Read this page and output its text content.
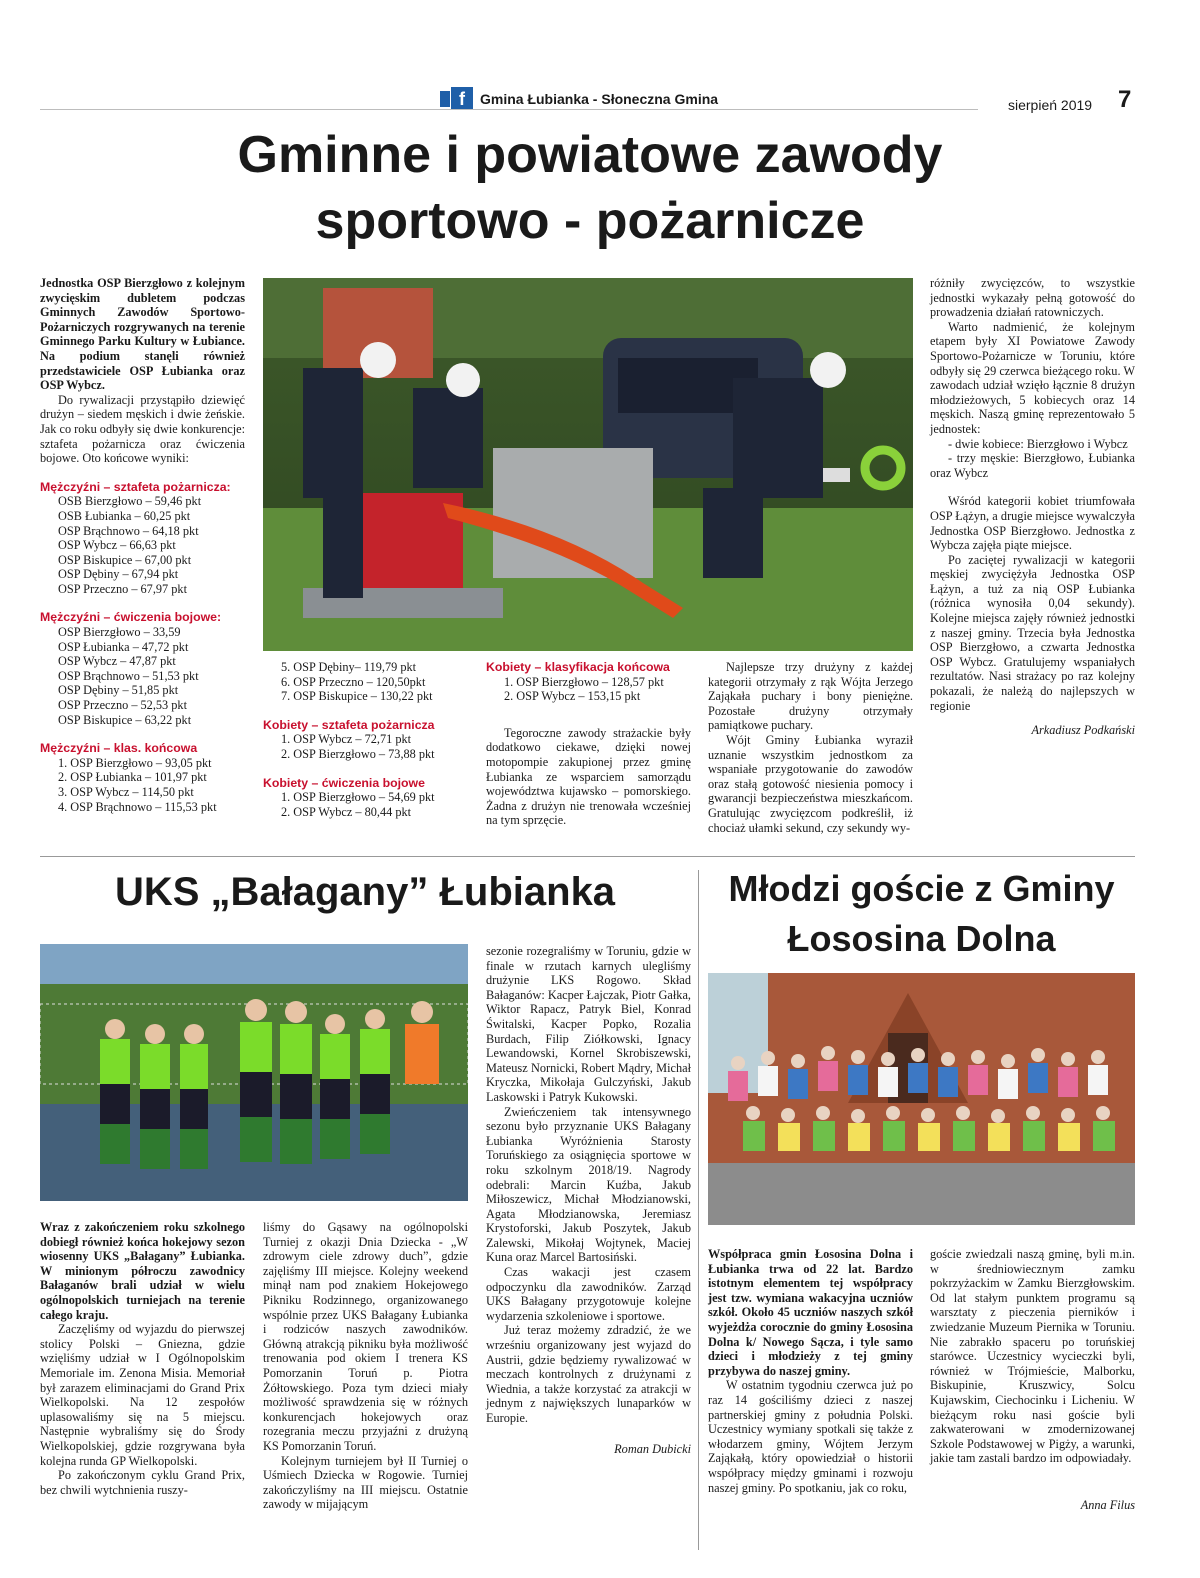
f Gmina Łubianka - Słoneczna Gmina	sierpień 2019 7
Gminne i powiatowe zawody
sportowo - pożarnicze

Jednostka OSP Bierzgłowo z kolejnym zwycięskim dubletem podczas Gminnych Zawodów Sportowo-Pożarniczych rozgrywanych na terenie Gminnego Parku Kultury w Łubiance. Na podium stanęli również przedstawiciele OSP Łubianka oraz OSP Wybcz.

Do rywalizacji przystąpiło dziewięć drużyn – siedem męskich i dwie żeńskie. Jak co roku odbyły się dwie konkurencje: sztafeta pożarnicza oraz ćwiczenia bojowe. Oto końcowe wyniki:

Mężczyźni – sztafeta pożarnicza:
OSB Bierzgłowo – 59,46 pkt
OSB Łubianka – 60,25 pkt
OSP Brąchnowo – 64,18 pkt
OSP Wybcz – 66,63 pkt
OSP Biskupice – 67,00 pkt
OSP Dębiny – 67,94 pkt
OSP Przeczno – 67,97 pkt
Mężczyźni – ćwiczenia bojowe:
OSP Bierzgłowo – 33,59
OSP Łubianka – 47,72 pkt
OSP Wybcz – 47,87 pkt
OSP Brąchnowo – 51,53 pkt
OSP Dębiny – 51,85 pkt
OSP Przeczno – 52,53 pkt
OSP Biskupice – 63,22 pkt
Mężczyźni – klas. końcowa
1. OSP Bierzgłowo – 93,05 pkt
2. OSP Łubianka – 101,97 pkt
3. OSP Wybcz – 114,50 pkt
4. OSP Brąchnowo – 115,53 pkt
5. OSP Dębiny– 119,79 pkt
6. OSP Przeczno – 120,50pkt
7. OSP Biskupice – 130,22 pkt
Kobiety – sztafeta pożarnicza
1. OSP Wybcz – 72,71 pkt
2. OSP Bierzgłowo – 73,88 pkt
Kobiety – ćwiczenia bojowe
1. OSP Bierzgłowo – 54,69 pkt
2. OSP Wybcz – 80,44 pkt
Kobiety – klasyfikacja końcowa
1. OSP Bierzgłowo – 128,57 pkt
2. OSP Wybcz – 153,15 pkt

Tegoroczne zawody strażackie były dodatkowo ciekawe, dzięki nowej motopompie zakupionej przez gminę Łubianka ze wsparciem samorządu województwa kujawsko – pomorskiego. Żadna z drużyn nie trenowała wcześniej na tym sprzęcie.

Najlepsze trzy drużyny z każdej kategorii otrzymały z rąk Wójta Jerzego Zająkała puchary i bony pieniężne. Pozostałe drużyny otrzymały pamiątkowe puchary.

Wójt Gminy Łubianka wyraził uznanie wszystkim jednostkom za wspaniałe przygotowanie do zawodów oraz stałą gotowość niesienia pomocy i gwarancji bezpieczeństwa mieszkańcom. Gratulując zwycięzcom podkreślił, iż chociaż ułamki sekund, czy sekundy wy-

różniły zwycięzców, to wszystkie jednostki wykazały pełną gotowość do prowadzenia działań ratowniczych.

Warto nadmienić, że kolejnym etapem były XI Powiatowe Zawody Sportowo-Pożarnicze w Toruniu, które odbyły się 29 czerwca bieżącego roku. W zawodach udział wzięło łącznie 8 drużyn młodzieżowych, 5 kobiecych oraz 14 męskich. Naszą gminę reprezentowało 5 jednostek:

- dwie kobiece: Bierzgłowo i Wybcz

- trzy męskie: Bierzgłowo, Łubianka oraz Wybcz

Wśród kategorii kobiet triumfowała OSP Łążyn, a drugie miejsce wywalczyła Jednostka OSP Bierzgłowo. Jednostka z Wybcza zajęła piąte miejsce.

Po zaciętej rywalizacji w kategorii męskiej zwyciężyła Jednostka OSP Łążyn, a tuż za nią OSP Łubianka (różnica wynosiła 0,04 sekundy). Kolejne miejsca zajęły również jednostki z naszej gminy. Trzecia była Jednostka OSP Bierzgłowo, a czwarta Jednostka OSP Wybcz. Gratulujemy wspaniałych rezultatów. Nasi strażacy po raz kolejny pokazali, że należą do najlepszych w regionie

Arkadiusz Podkański

UKS „Bałagany” Łubianka

Wraz z zakończeniem roku szkolnego dobiegł również końca hokejowy sezon wiosenny UKS „Bałagany” Łubianka. W minionym półroczu zawodnicy Bałaganów brali udział w wielu ogólnopolskich turniejach na terenie całego kraju.

Zaczęliśmy od wyjazdu do pierwszej stolicy Polski – Gniezna, gdzie wzięliśmy udział w I Ogólnopolskim Memoriale im. Zenona Misia. Memoriał był zarazem eliminacjami do Grand Prix Wielkopolski. Na 12 zespołów uplasowaliśmy się na 5 miejscu. Następnie wybraliśmy się do Środy Wielkopolskiej, gdzie rozgrywana była kolejna runda GP Wielkopolski.

Po zakończonym cyklu Grand Prix, bez chwili wytchnienia ruszy-

liśmy do Gąsawy na ogólnopolski Turniej z okazji Dnia Dziecka - „W zdrowym ciele zdrowy duch”, gdzie zajęliśmy III miejsce. Kolejny weekend minął nam pod znakiem Hokejowego Pikniku Rodzinnego, organizowanego wspólnie przez UKS Bałagany Łubianka i rodziców naszych zawodników. Główną atrakcją pikniku była możliwość trenowania pod okiem I trenera KS Pomorzanin Toruń p. Piotra Żółtowskiego. Poza tym dzieci miały możliwość sprawdzenia się w różnych konkurencjach hokejowych oraz rozegrania meczu przyjaźni z drużyną KS Pomorzanin Toruń.

Kolejnym turniejem był II Turniej o Uśmiech Dziecka w Rogowie. Turniej zakończyliśmy na III miejscu. Ostatnie zawody w mijającym

sezonie rozegraliśmy w Toruniu, gdzie w finale w rzutach karnych ulegliśmy drużynie LKS Rogowo. Skład Bałaganów: Kacper Łajczak, Piotr Gałka, Wiktor Rapacz, Patryk Biel, Konrad Świtalski, Kacper Popko, Rozalia Burdach, Filip Ziółkowski, Ignacy Lewandowski, Kornel Skrobiszewski, Mateusz Nornicki, Robert Mądry, Michał Kryczka, Mikołaja Gulczyński, Jakub Laskowski i Patryk Kukowski.

Zwieńczeniem tak intensywnego sezonu było przyznanie UKS Bałagany Łubianka Wyróżnienia Starosty Toruńskiego za osiągnięcia sportowe w roku szkolnym 2018/19. Nagrody odebrali: Marcin Kuźba, Jakub Miłoszewicz, Michał Młodzianowski, Agata Młodzianowska, Jeremiasz Krystoforski, Jakub Poszytek, Jakub Zalewski, Mikołaj Wojtynek, Maciej Kuna oraz Marcel Bartosiński.

Czas wakacji jest czasem odpoczynku dla zawodników. Zarząd UKS Bałagany przygotowuje kolejne wydarzenia szkoleniowe i sportowe.

Już teraz możemy zdradzić, że we wrześniu organizowany jest wyjazd do Austrii, gdzie będziemy rywalizować w meczach kontrolnych z drużynami z Wiednia, a także korzystać za atrakcji w jednym z największych lunaparków w Europie.

Roman Dubicki

Młodzi goście z Gminy
Łososina Dolna

Współpraca gmin Łososina Dolna i Łubianka trwa od 22 lat. Bardzo istotnym elementem tej współpracy jest tzw. wymiana wakacyjna uczniów szkół. Około 45 uczniów naszych szkół wyjeżdża corocznie do gminy Łososina Dolna k/ Nowego Sącza, i tyle samo dzieci i młodzieży z tej gminy przybywa do naszej gminy.

W ostatnim tygodniu czerwca już po raz 14 gościliśmy dzieci z naszej partnerskiej gminy z południa Polski. Uczestnicy wymiany spotkali się także z włodarzem gminy, Wójtem Jerzym Zająkałą, który opowiedział o historii współpracy między gminami i rozwoju naszej gminy. Po spotkaniu, jak co roku,

goście zwiedzali naszą gminę, byli m.in. w średniowiecznym zamku pokrzyżackim w Zamku Bierzgłowskim. Od lat stałym punktem programu są warsztaty z pieczenia pierników i zwiedzanie Muzeum Piernika w Toruniu. Nie zabrakło spaceru po toruńskiej starówce. Uczestnicy wycieczki byli, również w Trójmieście, Malborku, Biskupinie, Kruszwicy, Solcu Kujawskim, Ciechocinku i Licheniu. W bieżącym roku nasi goście byli zakwaterowani w zmodernizowanej Szkole Podstawowej w Pigży, a warunki, jakie tam zastali bardzo im odpowiadały.

Anna Filus
